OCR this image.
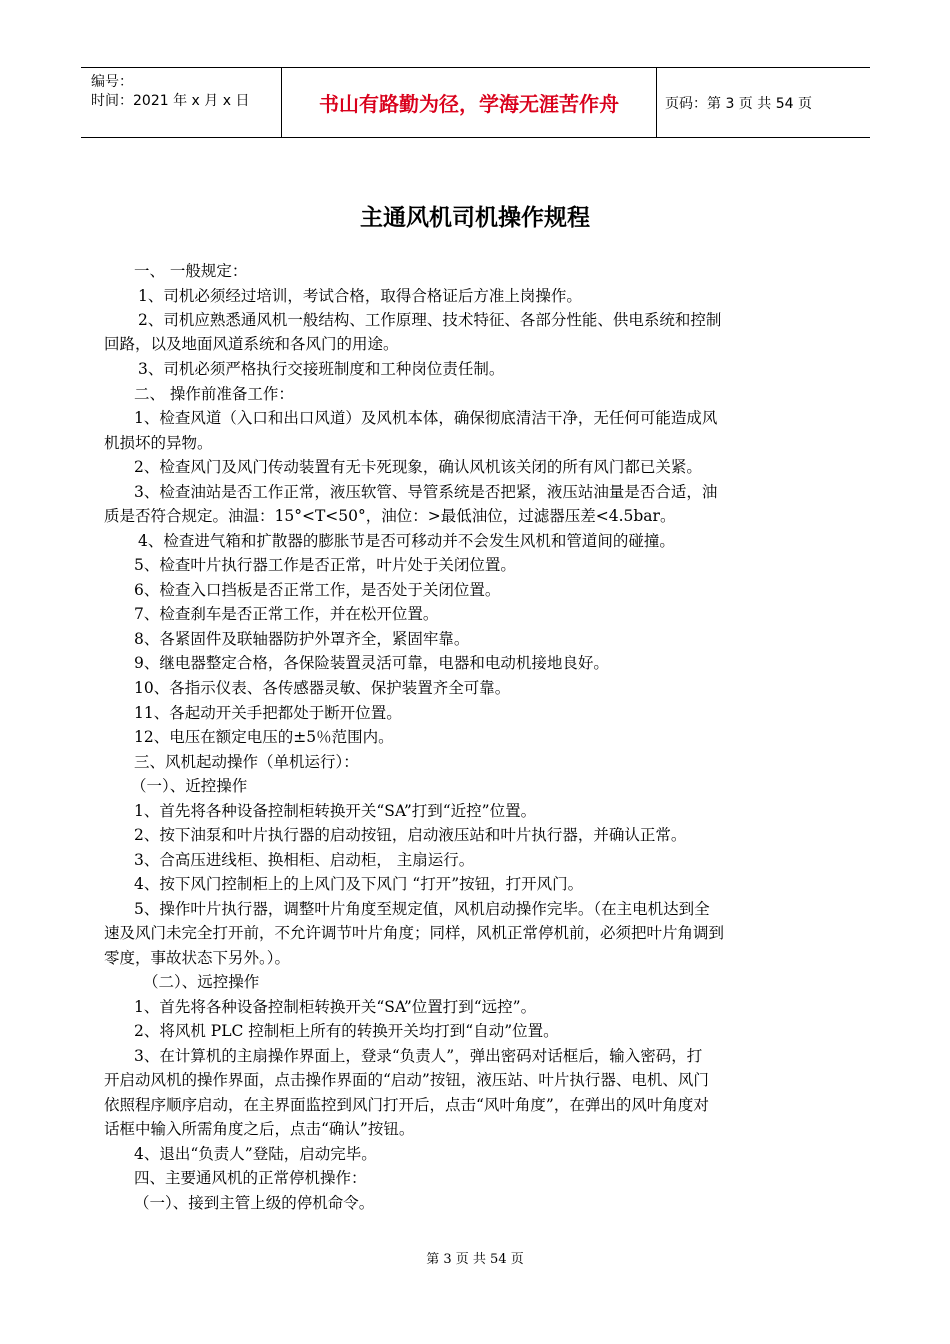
编号：
时间：2021 年 x 月 x 日	书山有路勤为径，学海无涯苦作舟	页码：第 3 页 共 54 页
主通风机司机操作规程
一、 一般规定：
1、司机必须经过培训，考试合格，取得合格证后方准上岗操作。
2、司机应熟悉通风机一般结构、工作原理、技术特征、各部分性能、供电系统和控制
回路，以及地面风道系统和各风门的用途。
3、司机必须严格执行交接班制度和工种岗位责任制。
二、 操作前准备工作：
1、检查风道（入口和出口风道）及风机本体，确保彻底清洁干净，无任何可能造成风
机损坏的异物。
2、检查风门及风门传动装置有无卡死现象，确认风机该关闭的所有风门都已关紧。
3、检查油站是否工作正常，液压软管、导管系统是否把紧，液压站油量是否合适，油
质是否符合规定。油温：15°<T<50°，油位：>最低油位，过滤器压差<4.5bar。
4、检查进气箱和扩散器的膨胀节是否可移动并不会发生风机和管道间的碰撞。
5、检查叶片执行器工作是否正常，叶片处于关闭位置。
6、检查入口挡板是否正常工作，是否处于关闭位置。
7、检查刹车是否正常工作，并在松开位置。
8、各紧固件及联轴器防护外罩齐全，紧固牢靠。
9、继电器整定合格，各保险装置灵活可靠，电器和电动机接地良好。
10、各指示仪表、各传感器灵敏、保护装置齐全可靠。
11、各起动开关手把都处于断开位置。
12、电压在额定电压的±5％范围内。
三、风机起动操作（单机运行）：
（一）、近控操作
1、首先将各种设备控制柜转换开关“SA”打到“近控”位置。
2、按下油泵和叶片执行器的启动按钮，启动液压站和叶片执行器，并确认正常。
3、合高压进线柜、换相柜、启动柜， 主扇运行。
4、按下风门控制柜上的上风门及下风门 “打开”按钮，打开风门。
5、操作叶片执行器，调整叶片角度至规定值，风机启动操作完毕。（在主电机达到全
速及风门未完全打开前，不允许调节叶片角度；同样，风机正常停机前，必须把叶片角调到
零度，事故状态下另外。）。
（二）、远控操作
1、首先将各种设备控制柜转换开关“SA”位置打到“远控”。
2、将风机 PLC 控制柜上所有的转换开关均打到“自动”位置。
3、在计算机的主扇操作界面上，登录“负责人”，弹出密码对话框后，输入密码，打
开启动风机的操作界面，点击操作界面的“启动”按钮，液压站、叶片执行器、电机、风门
依照程序顺序启动，在主界面监控到风门打开后，点击“风叶角度”，在弹出的风叶角度对
话框中输入所需角度之后，点击“确认”按钮。
4、退出“负责人”登陆，启动完毕。
四、主要通风机的正常停机操作：
（一）、接到主管上级的停机命令。
第 3 页 共 54 页
